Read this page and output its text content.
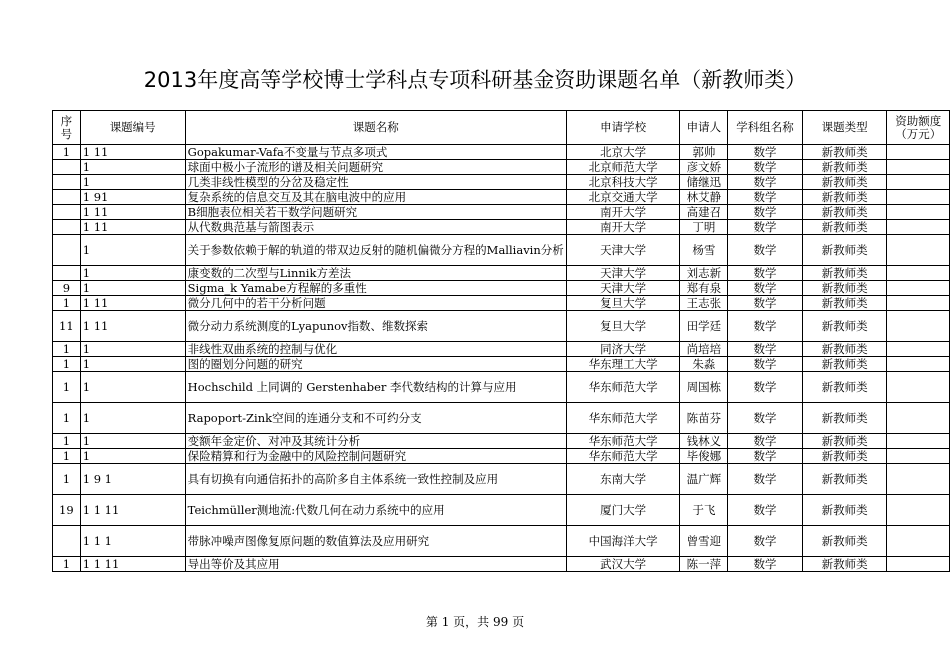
2013年度高等学校博士学科点专项科研基金资助课题名单（新教师类）
序号	课题编号	课题名称	申请学校	申请人	学科组名称	课题类型	资助额度（万元）
1	1 11	Gopakumar-Vafa不变量与节点多项式	北京大学	郭帅	数学	新教师类	
	1	球面中极小子流形的谱及相关问题研究	北京师范大学	彦文娇	数学	新教师类	
	1	几类非线性模型的分岔及稳定性	北京科技大学	储继迅	数学	新教师类	
	1 91	复杂系统的信息交互及其在脑电波中的应用	北京交通大学	林艾静	数学	新教师类	
	1 11	B细胞表位相关若干数学问题研究	南开大学	高建召	数学	新教师类	
	1 11	从代数典范基与箭图表示	南开大学	丁明	数学	新教师类	
	1	关于参数依赖于解的轨道的带双边反射的随机偏微分方程的Malliavin分析	天津大学	杨雪	数学	新教师类	
	1	康变数的二次型与Linnik方差法	天津大学	刘志新	数学	新教师类	
9	1	Sigma_k Yamabe方程解的多重性	天津大学	郑有泉	数学	新教师类	
1	1 11	微分几何中的若干分析问题	复旦大学	王志张	数学	新教师类	
11	1 11	微分动力系统测度的Lyapunov指数、维数探索	复旦大学	田学廷	数学	新教师类	
1	1	非线性双曲系统的控制与优化	同济大学	尚培培	数学	新教师类	
1	1	图的圈划分问题的研究	华东理工大学	朱淼	数学	新教师类	
1	1	Hochschild 上同调的 Gerstenhaber 李代数结构的计算与应用	华东师范大学	周国栋	数学	新教师类	
1	1	Rapoport-Zink空间的连通分支和不可约分支	华东师范大学	陈苗芬	数学	新教师类	
1	1	变额年金定价、对冲及其统计分析	华东师范大学	钱林义	数学	新教师类	
1	1	保险精算和行为金融中的风险控制问题研究	华东师范大学	毕俊娜	数学	新教师类	
1	1 9 1	具有切换有向通信拓扑的高阶多自主体系统一致性控制及应用	东南大学	温广辉	数学	新教师类	
19	1 1 11	Teichmüller测地流:代数几何在动力系统中的应用	厦门大学	于飞	数学	新教师类	
	1 1 1	带脉冲噪声图像复原问题的数值算法及应用研究	中国海洋大学	曾雪迎	数学	新教师类	
1	1 1 11	导出等价及其应用	武汉大学	陈一萍	数学	新教师类	
第 1 页，共 99 页
